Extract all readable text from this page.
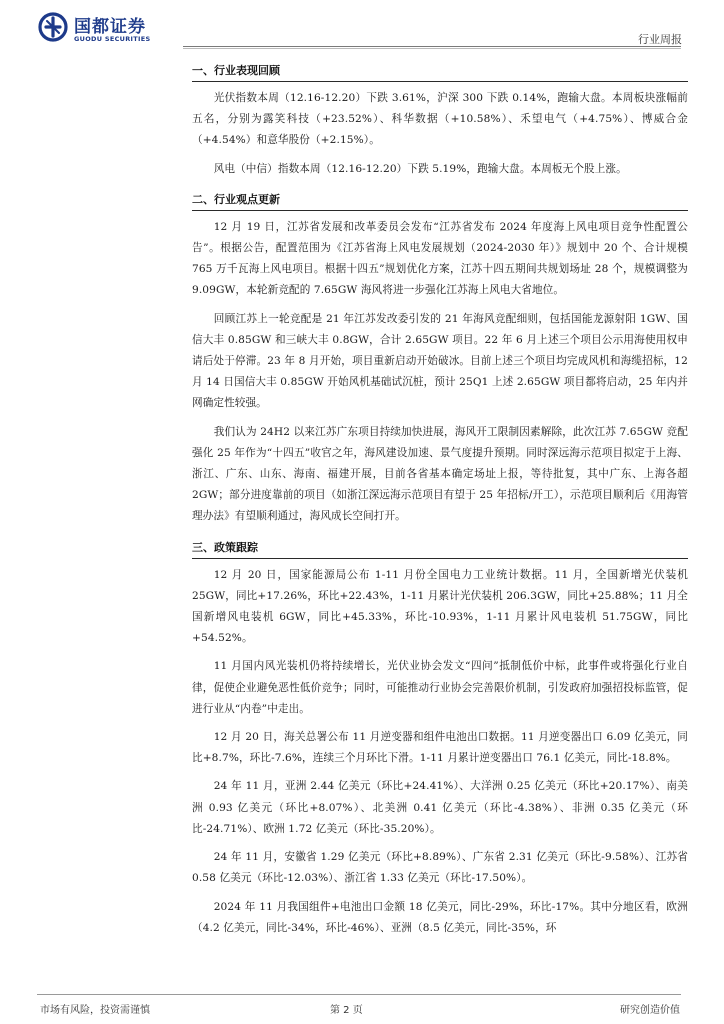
国都证券
GUODU SECURITIES	行业周报
一、行业表现回顾

光伏指数本周（12.16-12.20）下跌 3.61%，沪深 300 下跌 0.14%，跑输大盘。本周板块涨幅前五名，分别为露笑科技（+23.52%）、科华数据（+10.58%）、禾望电气（+4.75%）、博威合金（+4.54%）和意华股份（+2.15%）。

风电（中信）指数本周（12.16-12.20）下跌 5.19%，跑输大盘。本周板无个股上涨。

二、行业观点更新

12 月 19 日，江苏省发展和改革委员会发布“江苏省发布 2024 年度海上风电项目竞争性配置公告”。根据公告，配置范围为《江苏省海上风电发展规划（2024-2030 年）》规划中 20 个、合计规模 765 万千瓦海上风电项目。根据十四五”规划优化方案，江苏十四五期间共规划场址 28 个，规模调整为 9.09GW，本轮新竞配的 7.65GW 海风将进一步强化江苏海上风电大省地位。

回顾江苏上一轮竞配是 21 年江苏发改委引发的 21 年海风竞配细则，包括国能龙源射阳 1GW、国信大丰 0.85GW 和三峡大丰 0.8GW，合计 2.65GW 项目。22 年 6 月上述三个项目公示用海使用权申请后处于停滞。23 年 8 月开始，项目重新启动开始破冰。目前上述三个项目均完成风机和海缆招标，12 月 14 日国信大丰 0.85GW 开始风机基础试沉桩，预计 25Q1 上述 2.65GW 项目都将启动，25 年内并网确定性较强。

我们认为 24H2 以来江苏广东项目持续加快进展，海风开工限制因素解除，此次江苏 7.65GW 竞配强化 25 年作为“十四五”收官之年，海风建设加速、景气度提升预期。同时深远海示范项目拟定于上海、浙江、广东、山东、海南、福建开展，目前各省基本确定场址上报，等待批复，其中广东、上海各超 2GW；部分进度靠前的项目（如浙江深远海示范项目有望于 25 年招标/开工），示范项目顺利后《用海管理办法》有望顺利通过，海风成长空间打开。

三、政策跟踪

12 月 20 日，国家能源局公布 1-11 月份全国电力工业统计数据。11 月，全国新增光伏装机 25GW，同比+17.26%，环比+22.43%，1-11 月累计光伏装机 206.3GW，同比+25.88%；11 月全国新增风电装机 6GW，同比+45.33%，环比-10.93%，1-11 月累计风电装机 51.75GW，同比+54.52%。

11 月国内风光装机仍将持续增长，光伏业协会发文“四问”抵制低价中标，此事件或将强化行业自律，促使企业避免恶性低价竞争；同时，可能推动行业协会完善限价机制，引发政府加强招投标监管，促进行业从“内卷”中走出。

12 月 20 日，海关总署公布 11 月逆变器和组件电池出口数据。11 月逆变器出口 6.09 亿美元，同比+8.7%，环比-7.6%，连续三个月环比下滑。1-11 月累计逆变器出口 76.1 亿美元，同比-18.8%。

24 年 11 月，亚洲 2.44 亿美元（环比+24.41%）、大洋洲 0.25 亿美元（环比+20.17%）、南美洲 0.93 亿美元（环比+8.07%）、北美洲 0.41 亿美元（环比-4.38%）、非洲 0.35 亿美元（环比-24.71%）、欧洲 1.72 亿美元（环比-35.20%）。

24 年 11 月，安徽省 1.29 亿美元（环比+8.89%）、广东省 2.31 亿美元（环比-9.58%）、江苏省 0.58 亿美元（环比-12.03%）、浙江省 1.33 亿美元（环比-17.50%）。

2024 年 11 月我国组件+电池出口金额 18 亿美元，同比-29%，环比-17%。其中分地区看，欧洲（4.2 亿美元，同比-34%，环比-46%）、亚洲（8.5 亿美元，同比-35%，环

市场有风险，投资需谨慎	第 2 页	研究创造价值
